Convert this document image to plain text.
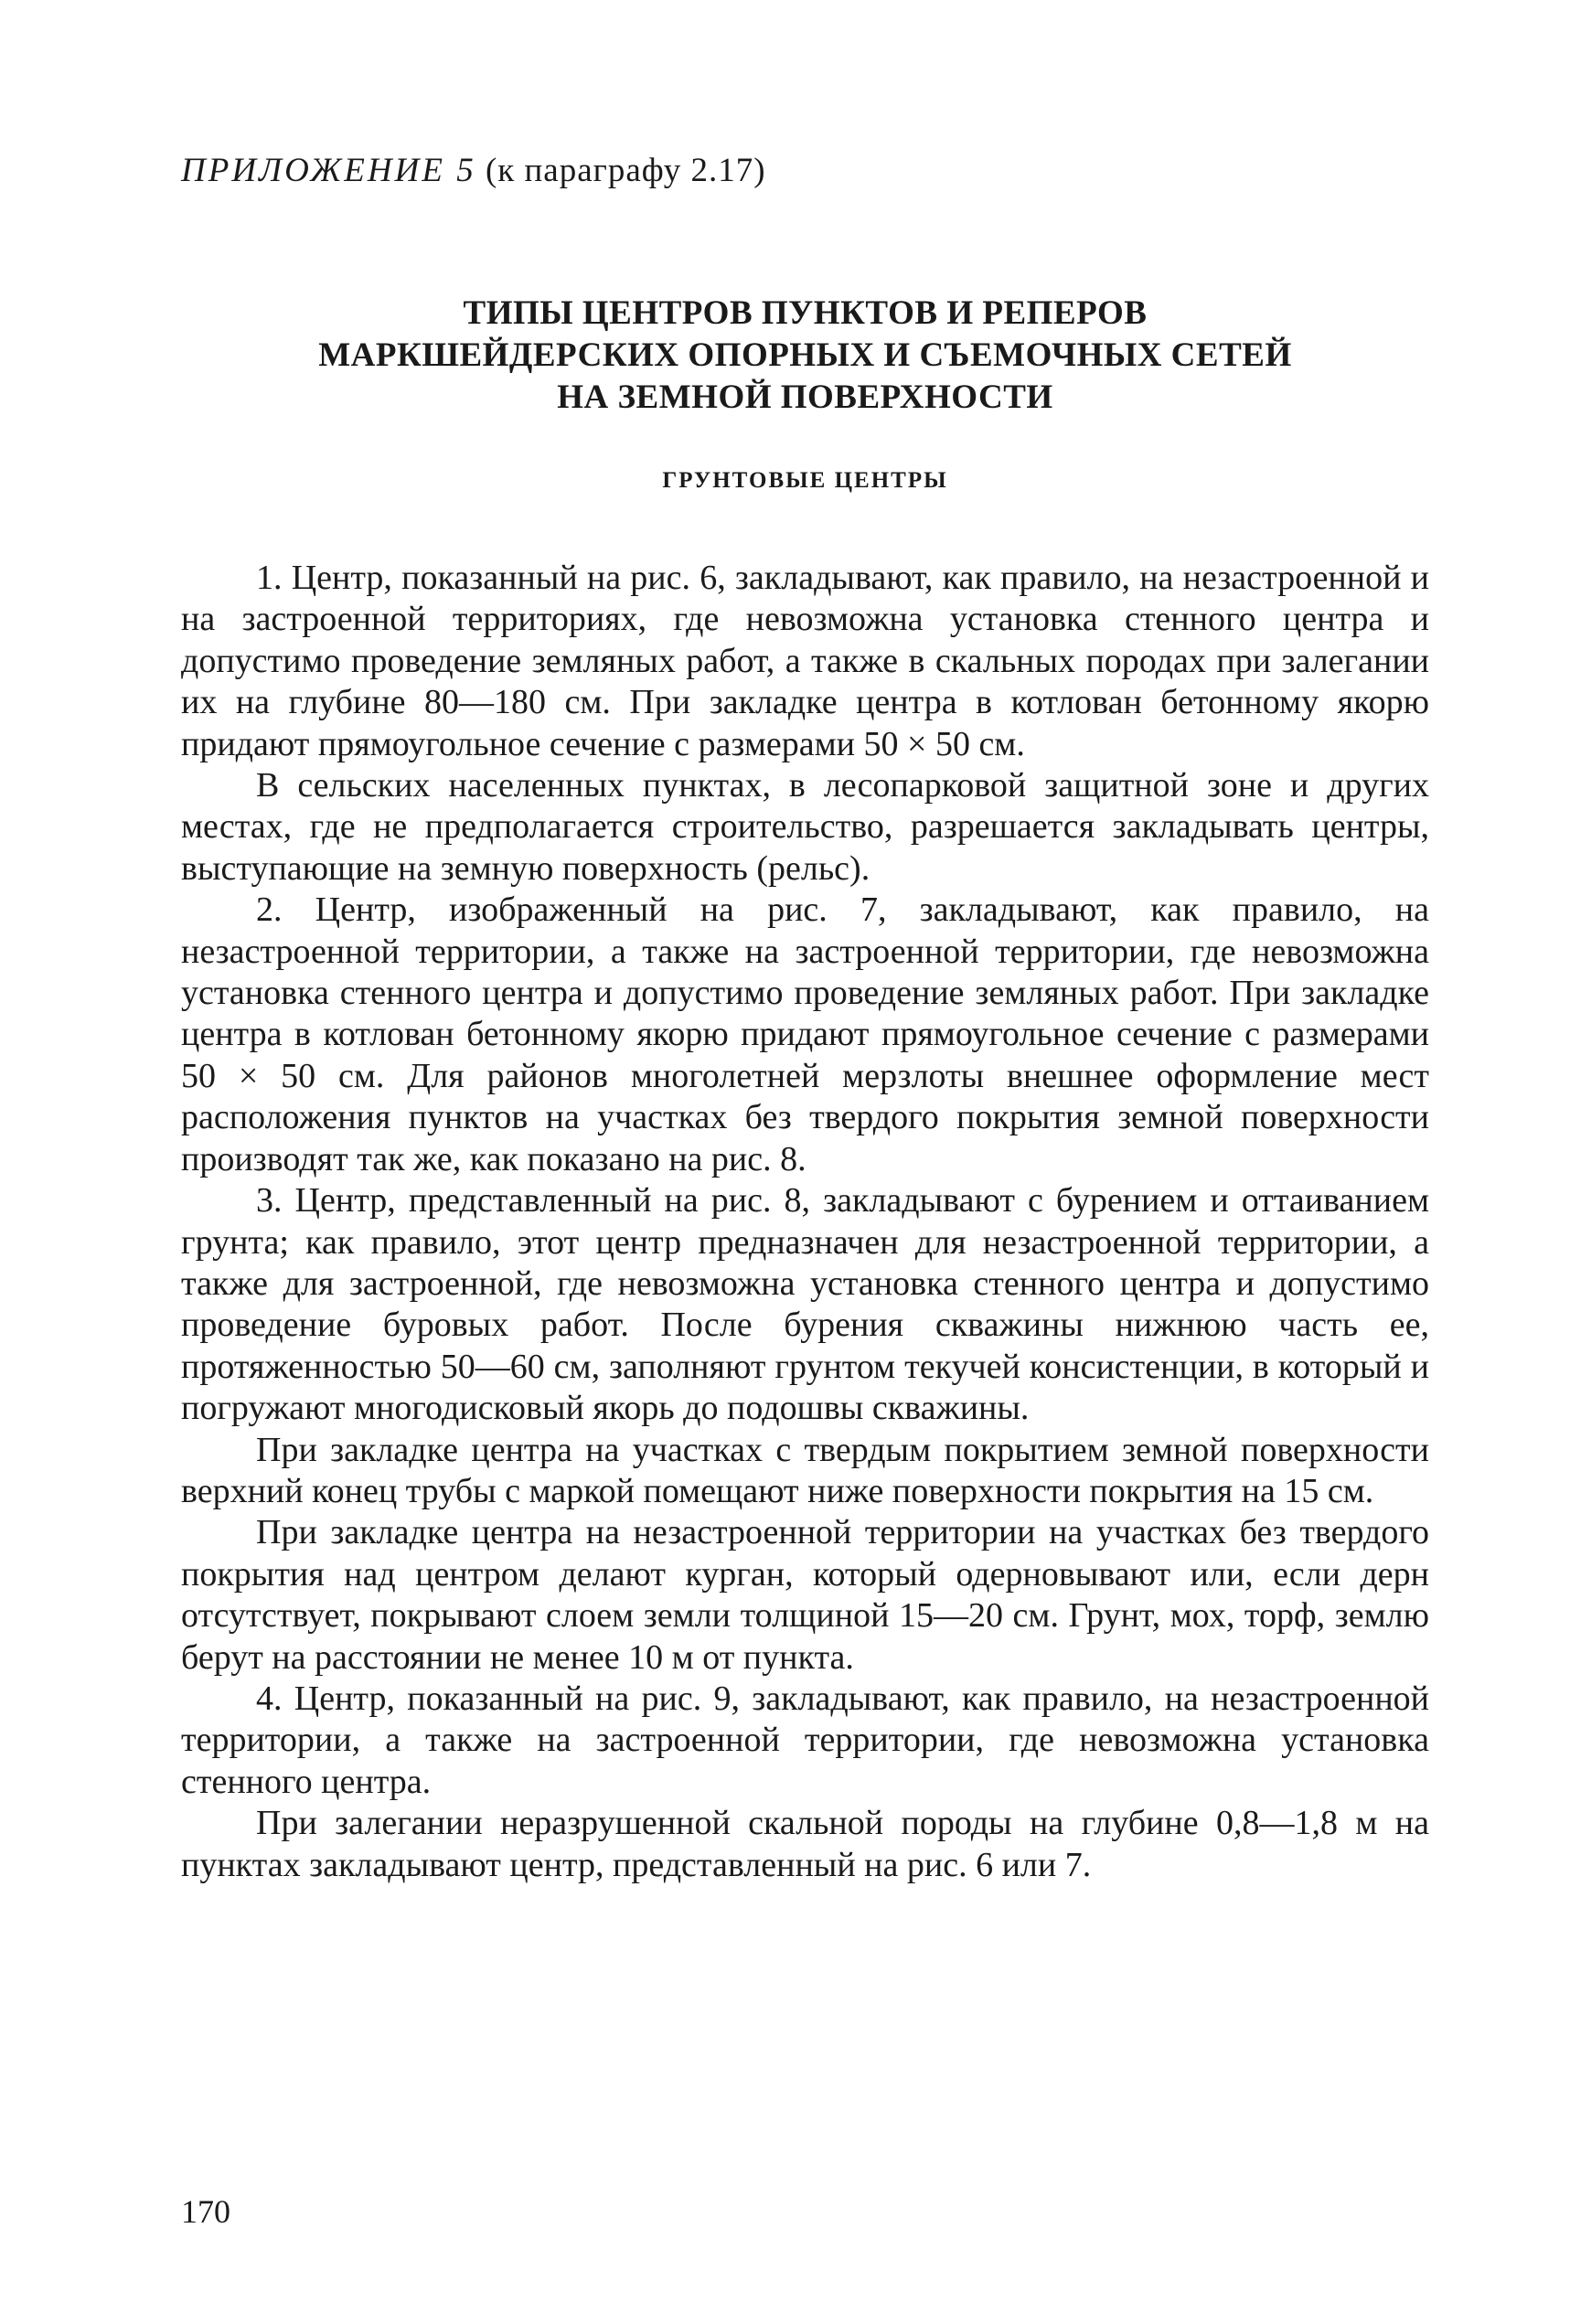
ПРИЛОЖЕНИЕ 5 (к параграфу 2.17)
ТИПЫ ЦЕНТРОВ ПУНКТОВ И РЕПЕРОВ
МАРКШЕЙДЕРСКИХ ОПОРНЫХ И СЪЕМОЧНЫХ СЕТЕЙ
НА ЗЕМНОЙ ПОВЕРХНОСТИ
ГРУНТОВЫЕ ЦЕНТРЫ

1. Центр, показанный на рис. 6, закладывают, как правило, на незастроенной и на застроенной территориях, где невозможна установка стенного центра и допустимо проведение земляных работ, а также в скальных породах при залегании их на глубине 80—180 см. При закладке центра в котлован бетонному якорю придают прямоугольное сечение с размерами 50 × 50 см.

В сельских населенных пунктах, в лесопарковой защитной зоне и других местах, где не предполагается строительство, разрешается закладывать центры, выступающие на земную поверхность (рельс).

2. Центр, изображенный на рис. 7, закладывают, как правило, на незастроенной территории, а также на застроенной территории, где невозможна установка стенного центра и допустимо проведение земляных работ. При закладке центра в котлован бетонному якорю придают прямоугольное сечение с размерами 50 × 50 см. Для районов многолетней мерзлоты внешнее оформление мест расположения пунктов на участках без твердого покрытия земной поверхности производят так же, как показано на рис. 8.

3. Центр, представленный на рис. 8, закладывают с бурением и оттаиванием грунта; как правило, этот центр предназначен для незастроенной территории, а также для застроенной, где невозможна установка стенного центра и допустимо проведение буровых работ. После бурения скважины нижнюю часть ее, протяженностью 50—60 см, заполняют грунтом текучей консистенции, в который и погружают многодисковый якорь до подошвы скважины.

При закладке центра на участках с твердым покрытием земной поверхности верхний конец трубы с маркой помещают ниже поверхности покрытия на 15 см.

При закладке центра на незастроенной территории на участках без твердого покрытия над центром делают курган, который одерновывают или, если дерн отсутствует, покрывают слоем земли толщиной 15—20 см. Грунт, мох, торф, землю берут на расстоянии не менее 10 м от пункта.

4. Центр, показанный на рис. 9, закладывают, как правило, на незастроенной территории, а также на застроенной территории, где невозможна установка стенного центра.

При залегании неразрушенной скальной породы на глубине 0,8—1,8 м на пунктах закладывают центр, представленный на рис. 6 или 7.

170
